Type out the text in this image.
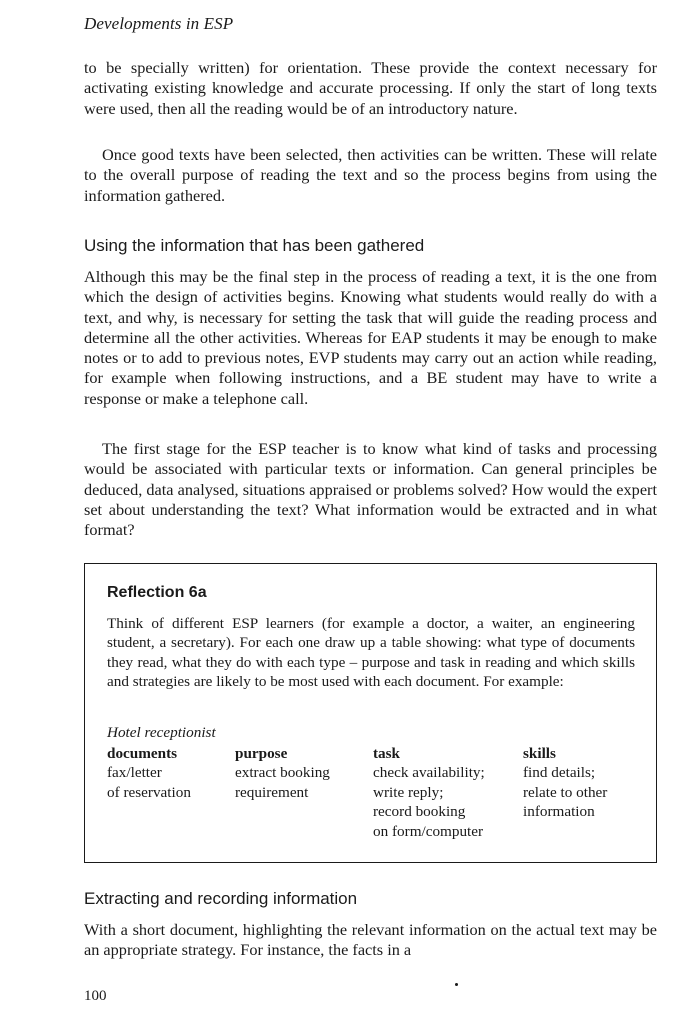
Developments in ESP

to be specially written) for orientation. These provide the context necessary for activating existing knowledge and accurate processing. If only the start of long texts were used, then all the reading would be of an introductory nature.

Once good texts have been selected, then activities can be written. These will relate to the overall purpose of reading the text and so the process begins from using the information gathered.

Using the information that has been gathered

Although this may be the final step in the process of reading a text, it is the one from which the design of activities begins. Knowing what students would really do with a text, and why, is necessary for setting the task that will guide the reading process and determine all the other activities. Whereas for EAP students it may be enough to make notes or to add to previous notes, EVP students may carry out an action while reading, for example when following instructions, and a BE student may have to write a response or make a telephone call.

The first stage for the ESP teacher is to know what kind of tasks and processing would be associated with particular texts or information. Can general principles be deduced, data analysed, situations appraised or problems solved? How would the expert set about understanding the text? What information would be extracted and in what format?

Reflection 6a

Think of different ESP learners (for example a doctor, a waiter, an engineering student, a secretary). For each one draw up a table showing: what type of documents they read, what they do with each type – purpose and task in reading and which skills and strategies are likely to be most used with each document. For example:

Hotel receptionist
documents
fax/letter
of reservation
purpose
extract booking
requirement
task
check availability;
write reply;
record booking
on form/computer
skills
find details;
relate to other
information
Extracting and recording information

With a short document, highlighting the relevant information on the actual text may be an appropriate strategy. For instance, the facts in a

100
